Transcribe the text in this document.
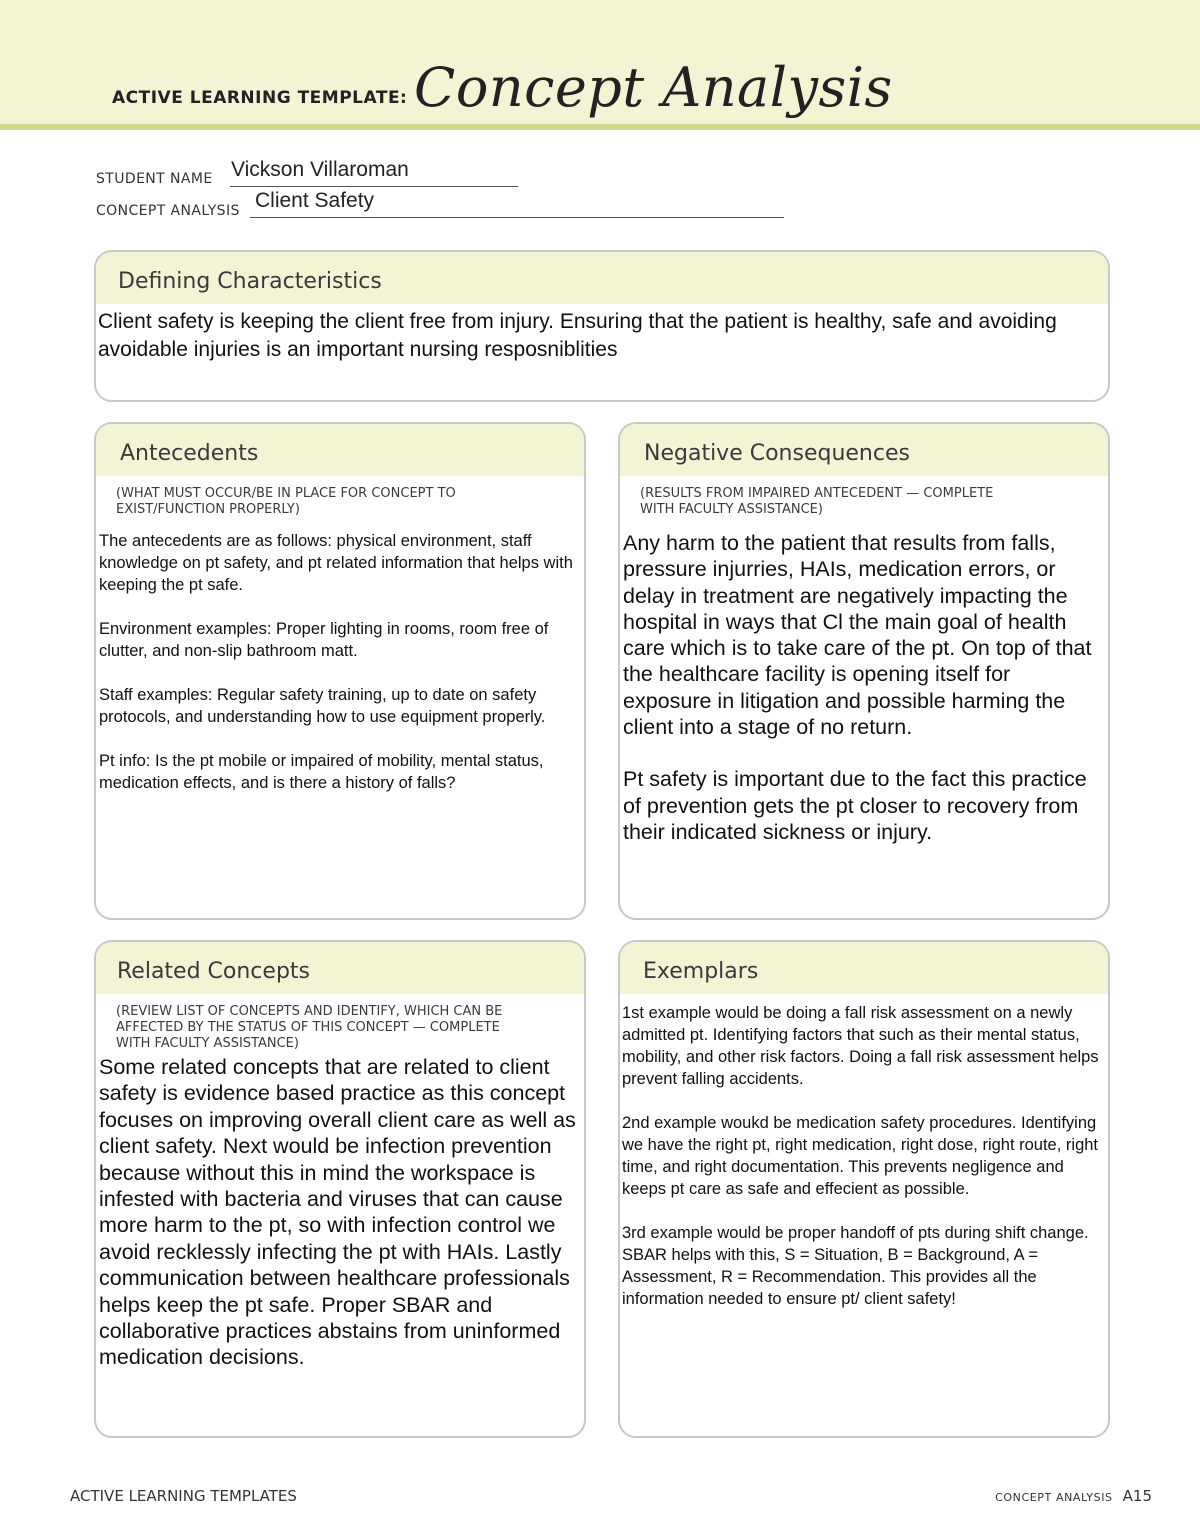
ACTIVE LEARNING TEMPLATE: Concept Analysis
STUDENT NAME Vickson Villaroman
CONCEPT ANALYSIS Client Safety
Defining Characteristics
Client safety is keeping the client free from injury. Ensuring that the patient is healthy, safe and avoiding avoidable injuries is an important nursing resposniblities
Antecedents
(WHAT MUST OCCUR/BE IN PLACE FOR CONCEPT TO EXIST/FUNCTION PROPERLY)

The antecedents are as follows: physical environment, staff knowledge on pt safety, and pt related information that helps with keeping the pt safe.

Environment examples: Proper lighting in rooms, room free of clutter, and non-slip bathroom matt.

Staff examples: Regular safety training, up to date on safety protocols, and understanding how to use equipment properly.

Pt info: Is the pt mobile or impaired of mobility, mental status, medication effects, and is there a history of falls?

Negative Consequences
(RESULTS FROM IMPAIRED ANTECEDENT — COMPLETE WITH FACULTY ASSISTANCE)

Any harm to the patient that results from falls, pressure injurries, HAIs, medication errors, or delay in treatment are negatively impacting the hospital in ways that Cl the main goal of health care which is to take care of the pt. On top of that the healthcare facility is opening itself for exposure in litigation and possible harming the client into a stage of no return.

Pt safety is important due to the fact this practice of prevention gets the pt closer to recovery from their indicated sickness or injury.

Related Concepts
(REVIEW LIST OF CONCEPTS AND IDENTIFY, WHICH CAN BE AFFECTED BY THE STATUS OF THIS CONCEPT — COMPLETE WITH FACULTY ASSISTANCE)
Some related concepts that are related to client safety is evidence based practice as this concept focuses on improving overall client care as well as client safety. Next would be infection prevention because without this in mind the workspace is infested with bacteria and viruses that can cause more harm to the pt, so with infection control we avoid recklessly infecting the pt with HAIs. Lastly communication between healthcare professionals helps keep the pt safe. Proper SBAR and collaborative practices abstains from uninformed medication decisions.
Exemplars

1st example would be doing a fall risk assessment on a newly admitted pt. Identifying factors that such as their mental status, mobility, and other risk factors. Doing a fall risk assessment helps prevent falling accidents.

2nd example woukd be medication safety procedures. Identifying we have the right pt, right medication, right dose, right route, right time, and right documentation. This prevents negligence and keeps pt care as safe and effecient as possible.

3rd example would be proper handoff of pts during shift change. SBAR helps with this, S = Situation, B = Background, A = Assessment, R = Recommendation. This provides all the information needed to ensure pt/ client safety!

ACTIVE LEARNING TEMPLATES	CONCEPT ANALYSIS A15
